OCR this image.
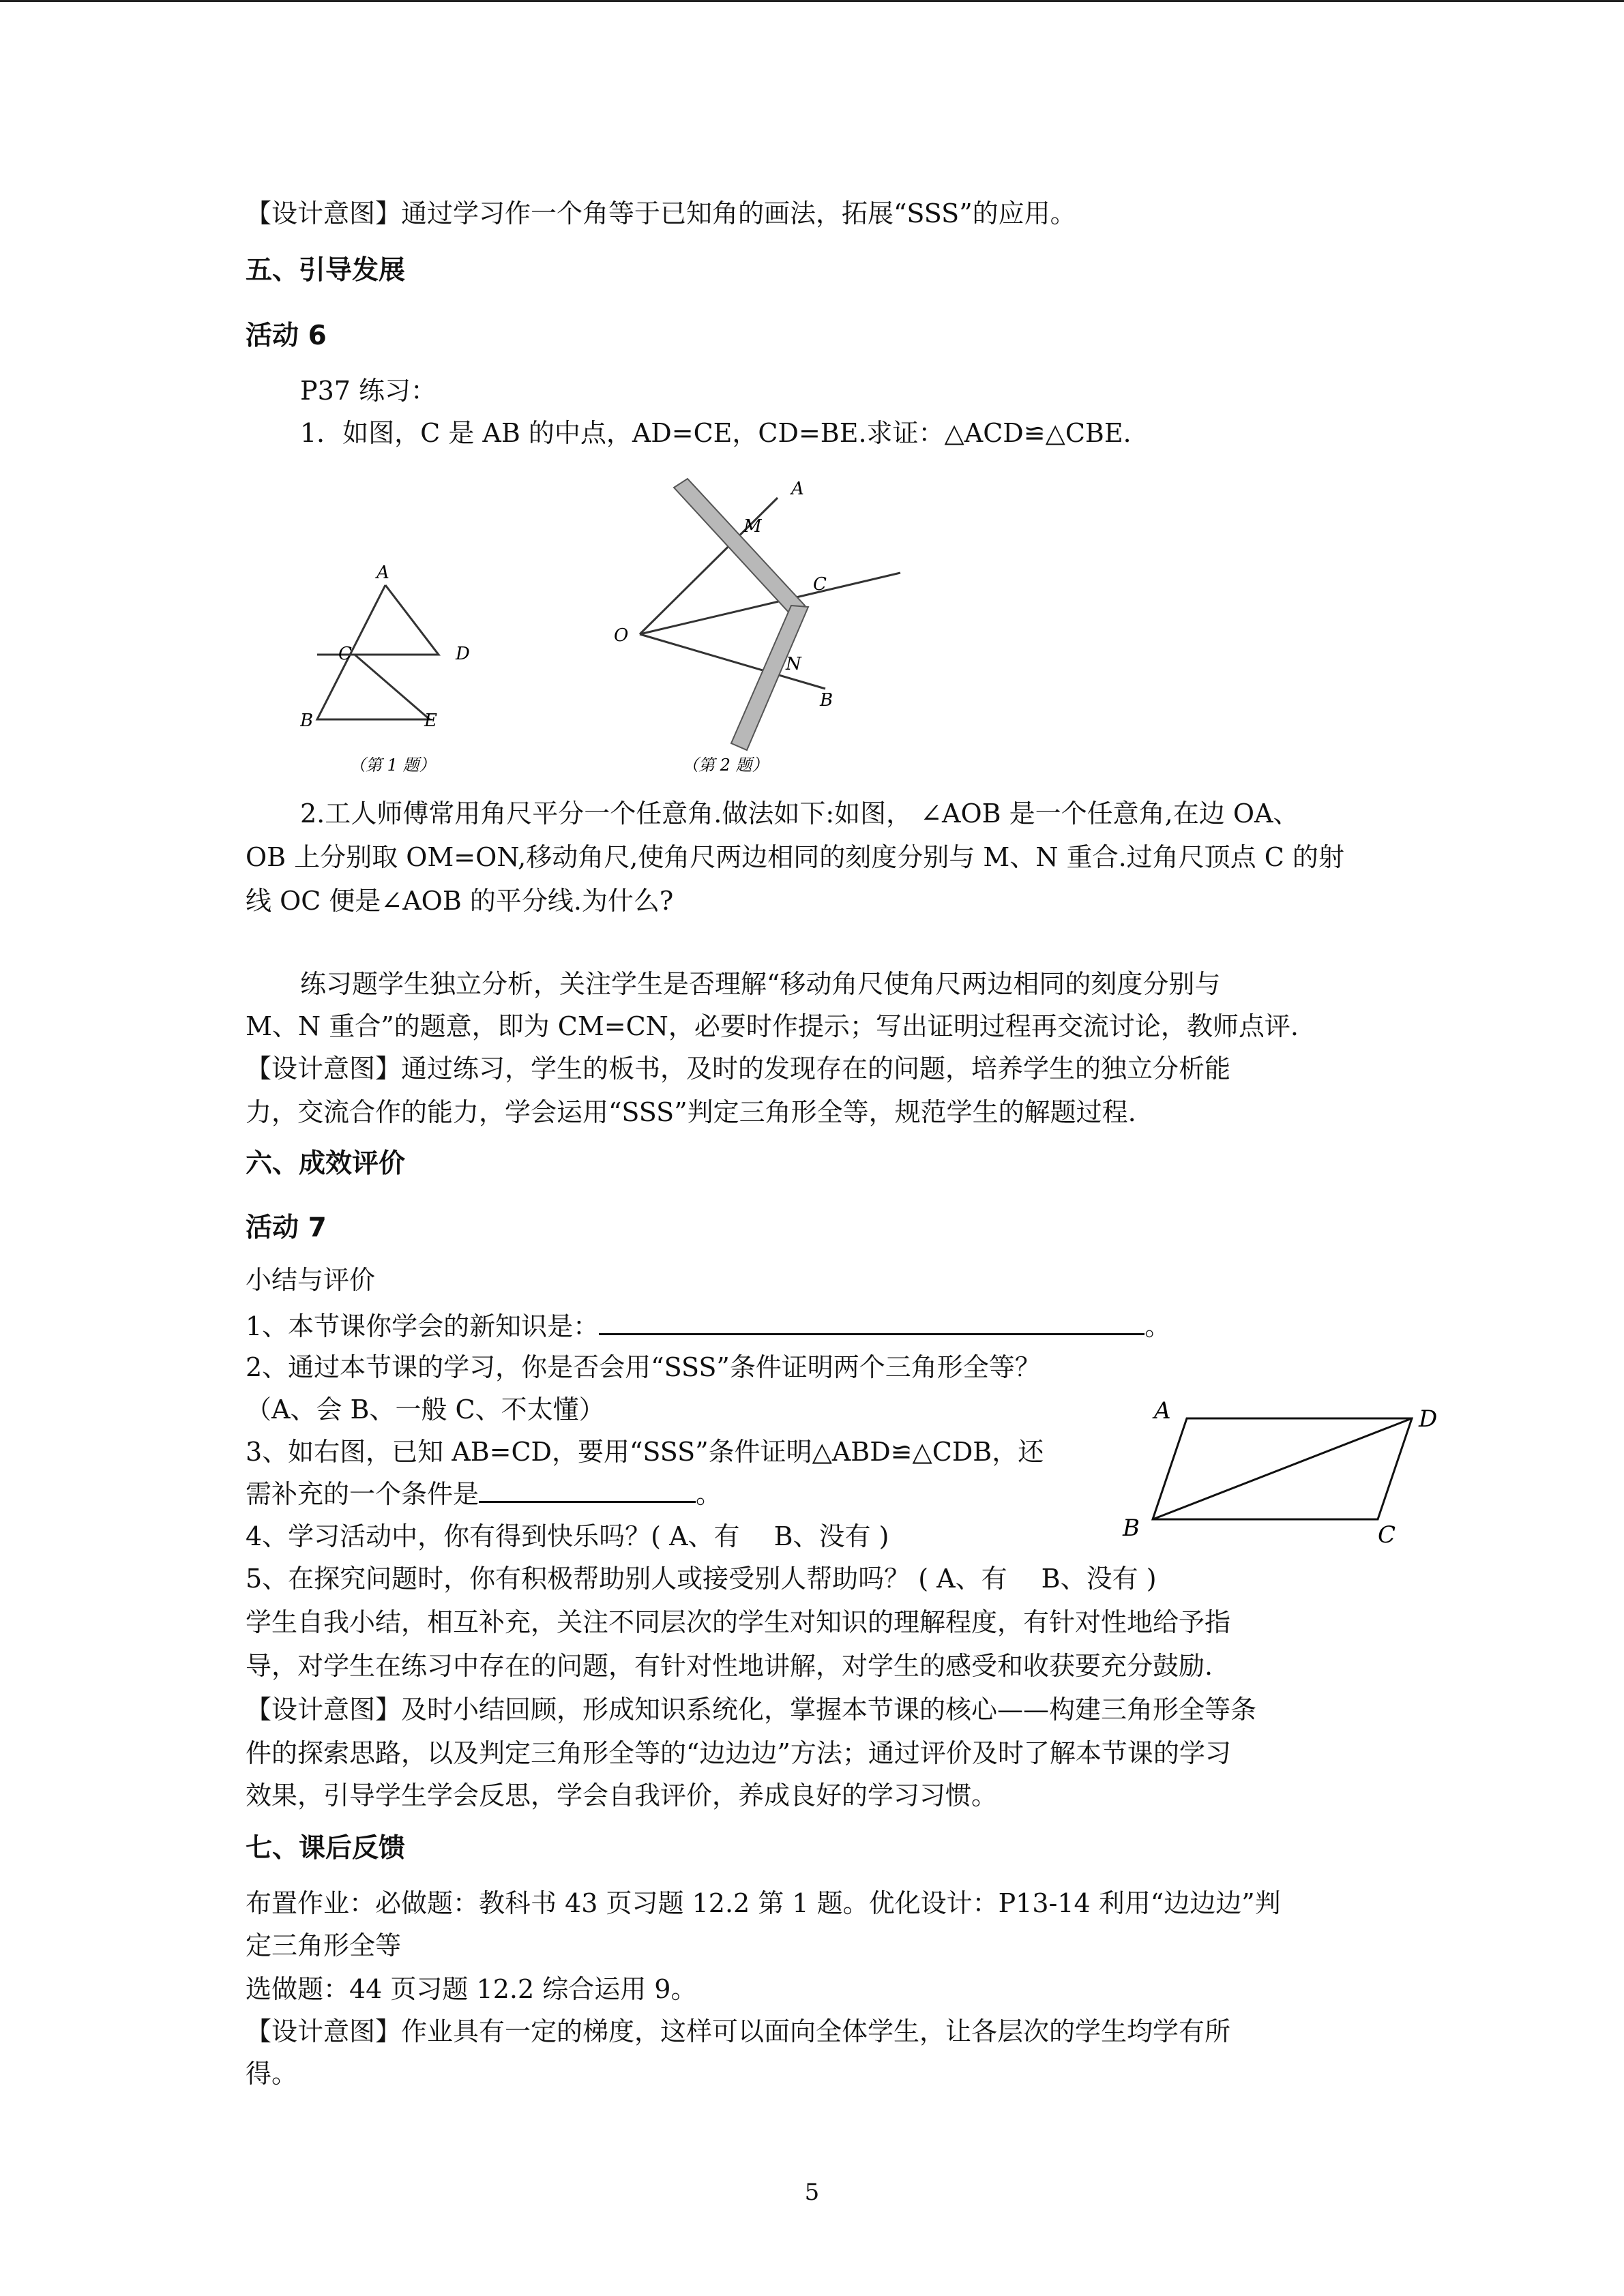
【设计意图】通过学习作一个角等于已知角的画法，拓展“SSS”的应用。
五、引导发展
活动 6
P37 练习：
1．如图，C 是 AB 的中点，AD=CE，CD=BE.求证：△ACD≌△CBE.
A
C	D
B	E
（第 1 题）
A
M
C
O
N
B
（第 2 题）
2.工人师傅常用角尺平分一个任意角.做法如下:如图， ∠AOB 是一个任意角,在边 OA、
OB 上分别取 OM=ON,移动角尺,使角尺两边相同的刻度分别与 M、N 重合.过角尺顶点 C 的射
线 OC 便是∠AOB 的平分线.为什么?
练习题学生独立分析，关注学生是否理解“移动角尺使角尺两边相同的刻度分别与
M、N 重合”的题意，即为 CM=CN，必要时作提示；写出证明过程再交流讨论，教师点评.
【设计意图】通过练习，学生的板书，及时的发现存在的问题，培养学生的独立分析能
力，交流合作的能力，学会运用“SSS”判定三角形全等，规范学生的解题过程.
六、成效评价
活动 7
小结与评价
1、本节课你学会的新知识是：	。
2、通过本节课的学习，你是否会用“SSS”条件证明两个三角形全等？
（A、会 B、一般 C、不太懂）
3、如右图，已知 AB=CD，要用“SSS”条件证明△ABD≌△CDB，还
需补充的一个条件是	。
4、学习活动中，你有得到快乐吗？( A、有　 B、没有 )
5、在探究问题时，你有积极帮助别人或接受别人帮助吗？ ( A、有　 B、没有 )
A	D
B	C
学生自我小结，相互补充，关注不同层次的学生对知识的理解程度，有针对性地给予指
导，对学生在练习中存在的问题，有针对性地讲解，对学生的感受和收获要充分鼓励.
【设计意图】及时小结回顾，形成知识系统化，掌握本节课的核心——构建三角形全等条
件的探索思路，以及判定三角形全等的“边边边”方法；通过评价及时了解本节课的学习
效果，引导学生学会反思，学会自我评价，养成良好的学习习惯。
七、课后反馈
布置作业：必做题：教科书 43 页习题 12.2 第 1 题。优化设计：P13-14 利用“边边边”判
定三角形全等
选做题：44 页习题 12.2 综合运用 9。
【设计意图】作业具有一定的梯度，这样可以面向全体学生，让各层次的学生均学有所
得。
5
